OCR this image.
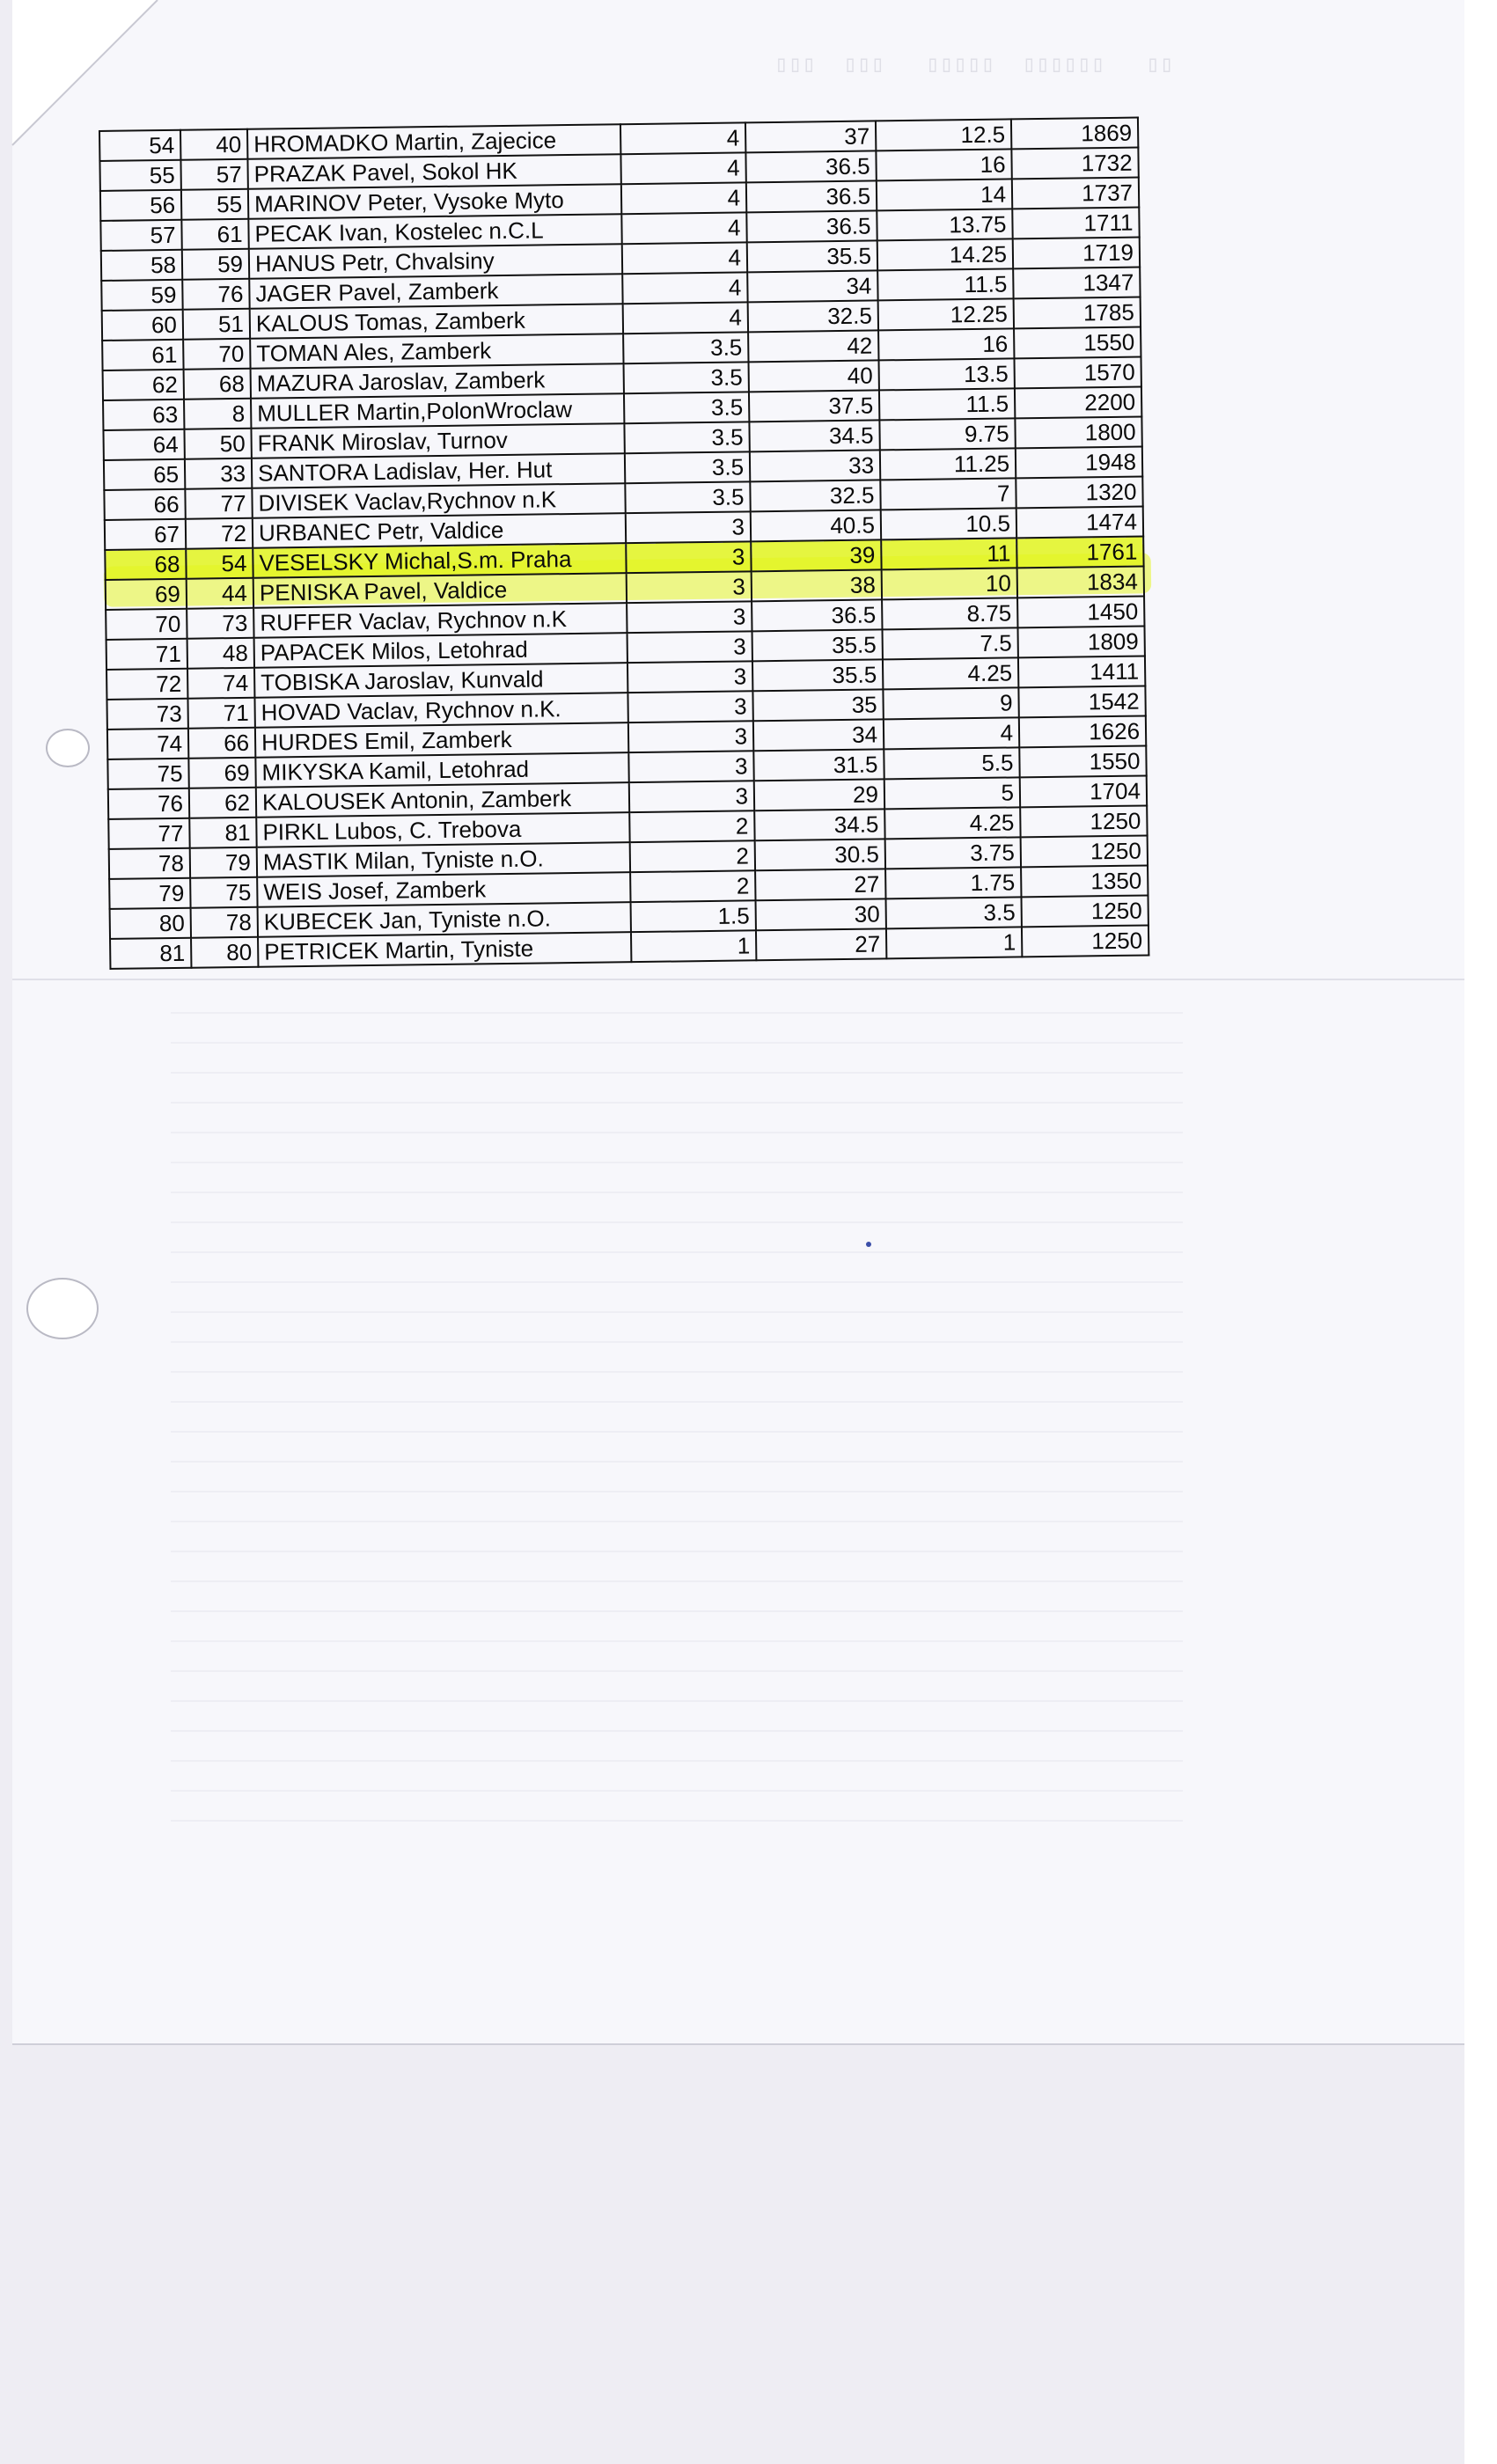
▯▯   ▯▯▯▯▯▯  ▯▯▯▯▯   ▯▯▯  ▯▯▯
54	40	HROMADKO Martin, Zajecice	4	37	12.5	1869
55	57	PRAZAK Pavel, Sokol HK	4	36.5	16	1732
56	55	MARINOV Peter, Vysoke Myto	4	36.5	14	1737
57	61	PECAK Ivan, Kostelec n.C.L	4	36.5	13.75	1711
58	59	HANUS Petr, Chvalsiny	4	35.5	14.25	1719
59	76	JAGER Pavel, Zamberk	4	34	11.5	1347
60	51	KALOUS Tomas, Zamberk	4	32.5	12.25	1785
61	70	TOMAN Ales, Zamberk	3.5	42	16	1550
62	68	MAZURA Jaroslav, Zamberk	3.5	40	13.5	1570
63	8	MULLER Martin,PolonWroclaw	3.5	37.5	11.5	2200
64	50	FRANK Miroslav, Turnov	3.5	34.5	9.75	1800
65	33	SANTORA Ladislav, Her. Hut	3.5	33	11.25	1948
66	77	DIVISEK Vaclav,Rychnov n.K	3.5	32.5	7	1320
67	72	URBANEC Petr, Valdice	3	40.5	10.5	1474
68	54	VESELSKY Michal,S.m. Praha	3	39	11	1761
69	44	PENISKA Pavel, Valdice	3	38	10	1834
70	73	RUFFER Vaclav, Rychnov n.K	3	36.5	8.75	1450
71	48	PAPACEK Milos, Letohrad	3	35.5	7.5	1809
72	74	TOBISKA Jaroslav, Kunvald	3	35.5	4.25	1411
73	71	HOVAD Vaclav, Rychnov n.K.	3	35	9	1542
74	66	HURDES Emil, Zamberk	3	34	4	1626
75	69	MIKYSKA Kamil, Letohrad	3	31.5	5.5	1550
76	62	KALOUSEK Antonin, Zamberk	3	29	5	1704
77	81	PIRKL Lubos, C. Trebova	2	34.5	4.25	1250
78	79	MASTIK Milan, Tyniste n.O.	2	30.5	3.75	1250
79	75	WEIS Josef, Zamberk	2	27	1.75	1350
80	78	KUBECEK Jan, Tyniste n.O.	1.5	30	3.5	1250
81	80	PETRICEK Martin, Tyniste	1	27	1	1250
